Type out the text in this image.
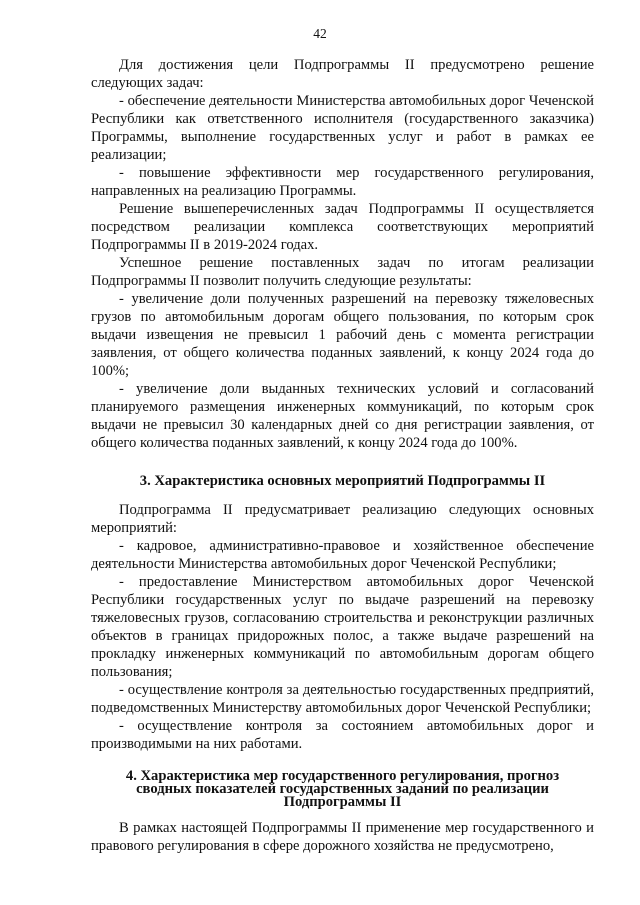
42

Для достижения цели Подпрограммы II предусмотрено решение следующих задач:

- обеспечение деятельности Министерства автомобильных дорог Чеченской Республики как ответственного исполнителя (государственного заказчика) Программы, выполнение государственных услуг и работ в рамках ее реализации;

- повышение эффективности мер государственного регулирования, направленных на реализацию Программы.

Решение вышеперечисленных задач Подпрограммы II осуществляется посредством реализации комплекса соответствующих мероприятий Подпрограммы II в 2019-2024 годах.

Успешное решение поставленных задач по итогам реализации Подпрограммы II позволит получить следующие результаты:

- увеличение доли полученных разрешений на перевозку тяжеловесных грузов по автомобильным дорогам общего пользования, по которым срок выдачи извещения не превысил 1 рабочий день с момента регистрации заявления, от общего количества поданных заявлений, к концу 2024 года до 100%;

- увеличение доли выданных технических условий и согласований планируемого размещения инженерных коммуникаций, по которым срок выдачи не превысил 30 календарных дней со дня регистрации заявления, от общего количества поданных заявлений, к концу 2024 года до 100%.

3. Характеристика основных мероприятий Подпрограммы II

Подпрограмма II предусматривает реализацию следующих основных мероприятий:

- кадровое, административно-правовое и хозяйственное обеспечение деятельности Министерства автомобильных дорог Чеченской Республики;

- предоставление Министерством автомобильных дорог Чеченской Республики государственных услуг по выдаче разрешений на перевозку тяжеловесных грузов, согласованию строительства и реконструкции различных объектов в границах придорожных полос, а также выдаче разрешений на прокладку инженерных коммуникаций по автомобильным дорогам общего пользования;

- осуществление контроля за деятельностью государственных предприятий, подведомственных Министерству автомобильных дорог Чеченской Республики;

- осуществление контроля за состоянием автомобильных дорог и производимыми на них работами.

4. Характеристика мер государственного регулирования, прогноз
сводных показателей государственных заданий по реализации
Подпрограммы II

В рамках настоящей Подпрограммы II применение мер государственного и правового регулирования в сфере дорожного хозяйства не предусмотрено,
